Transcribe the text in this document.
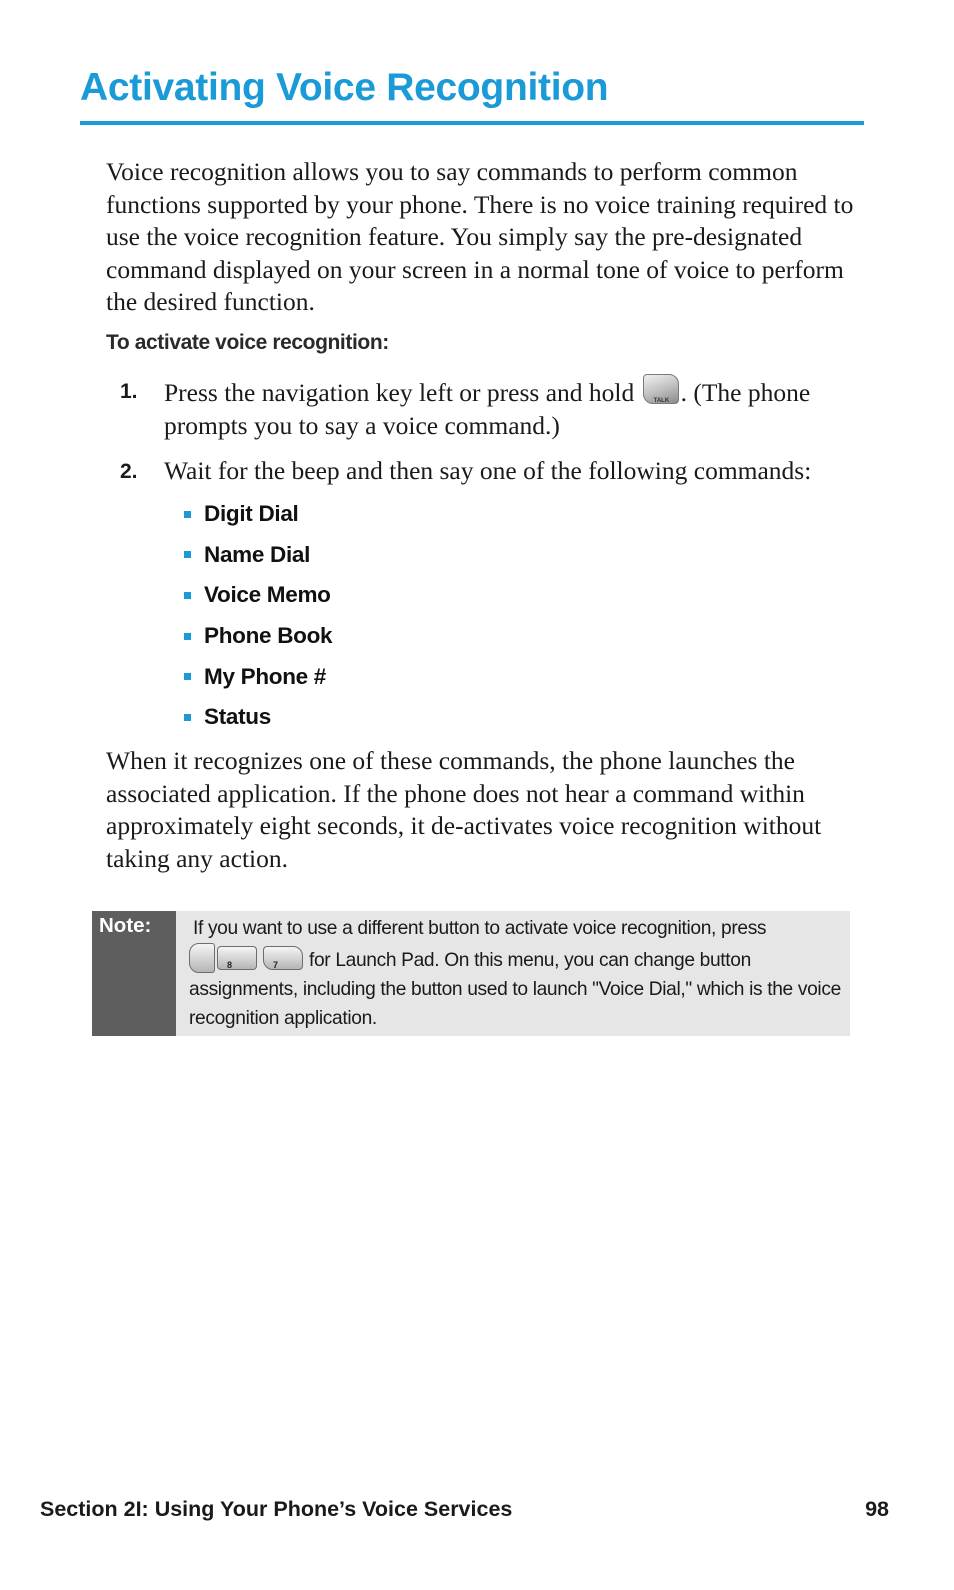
Activating Voice Recognition

Voice recognition allows you to say commands to perform common functions supported by your phone. There is no voice training required to use the voice recognition feature. You simply say the pre-designated command displayed on your screen in a normal tone of voice to perform the desired function.

To activate voice recognition:
1. Press the navigation key left or press and hold	TALK . (The phone prompts you to say a voice command.)
2. Wait for the beep and then say one of the following commands:
Digit Dial
Name Dial
Voice Memo
Phone Book
My Phone #
Status

When it recognizes one of these commands, the phone launches the associated application. If the phone does not hear a command within approximately eight seconds, it de-activates voice recognition without taking any action.

Note: If you want to use a different button to activate voice recognition, press
8	7 for Launch Pad. On this menu, you can change button
assignments, including the button used to launch "Voice Dial," which is the voice recognition application.
Section 2I: Using Your Phone’s Voice Services	98
